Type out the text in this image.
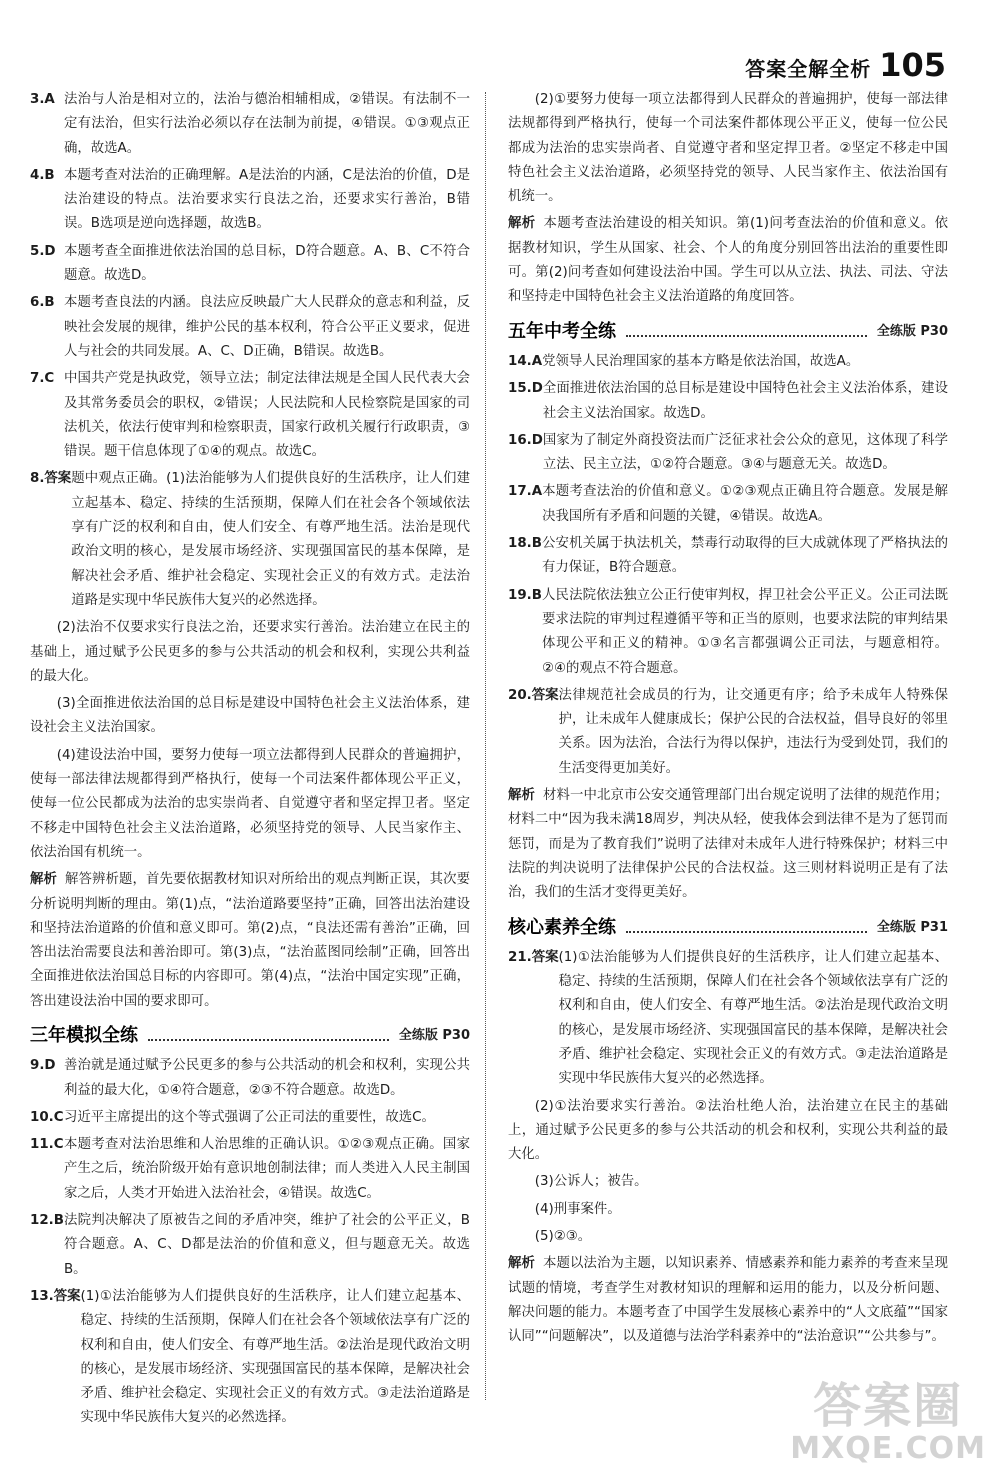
答案全解全析 105
3.A 法治与人治是相对立的，法治与德治相辅相成，②错误。有法制不一定有法治，但实行法治必须以存在法制为前提，④错误。①③观点正确，故选A。
4.B 本题考查对法治的正确理解。A是法治的内涵，C是法治的价值，D是法治建设的特点。法治要求实行良法之治，还要求实行善治，B错误。B选项是逆向选择题，故选B。
5.D 本题考查全面推进依法治国的总目标，D符合题意。A、B、C不符合题意。故选D。
6.B 本题考查良法的内涵。良法应反映最广大人民群众的意志和利益，反映社会发展的规律，维护公民的基本权利，符合公平正义要求，促进人与社会的共同发展。A、C、D正确，B错误。故选B。
7.C 中国共产党是执政党，领导立法；制定法律法规是全国人民代表大会及其常务委员会的职权，②错误；人民法院和人民检察院是国家的司法机关，依法行使审判和检察职责，国家行政机关履行行政职责，③错误。题干信息体现了①④的观点。故选C。
8.答案 题中观点正确。(1)法治能够为人们提供良好的生活秩序，让人们建立起基本、稳定、持续的生活预期，保障人们在社会各个领域依法享有广泛的权利和自由，使人们安全、有尊严地生活。法治是现代政治文明的核心，是发展市场经济、实现强国富民的基本保障，是解决社会矛盾、维护社会稳定、实现社会正义的有效方式。走法治道路是实现中华民族伟大复兴的必然选择。

(2)法治不仅要求实行良法之治，还要求实行善治。法治建立在民主的基础上，通过赋予公民更多的参与公共活动的机会和权利，实现公共利益的最大化。

(3)全面推进依法治国的总目标是建设中国特色社会主义法治体系，建设社会主义法治国家。

(4)建设法治中国，要努力使每一项立法都得到人民群众的普遍拥护，使每一部法律法规都得到严格执行，使每一个司法案件都体现公平正义，使每一位公民都成为法治的忠实崇尚者、自觉遵守者和坚定捍卫者。坚定不移走中国特色社会主义法治道路，必须坚持党的领导、人民当家作主、依法治国有机统一。

解析 解答辨析题，首先要依据教材知识对所给出的观点判断正误，其次要分析说明判断的理由。第(1)点，“法治道路要坚持”正确，回答出法治建设和坚持法治道路的价值和意义即可。第(2)点，“良法还需有善治”正确，回答出法治需要良法和善治即可。第(3)点，“法治蓝图同绘制”正确，回答出全面推进依法治国总目标的内容即可。第(4)点，“法治中国定实现”正确，答出建设法治中国的要求即可。

三年模拟全练	全练版 P30
9.D 善治就是通过赋予公民更多的参与公共活动的机会和权利，实现公共利益的最大化，①④符合题意，②③不符合题意。故选D。
10.C 习近平主席提出的这个等式强调了公正司法的重要性，故选C。
11.C 本题考查对法治思维和人治思维的正确认识。①②③观点正确。国家产生之后，统治阶级开始有意识地创制法律；而人类进入人民主制国家之后，人类才开始进入法治社会，④错误。故选C。
12.B 法院判决解决了原被告之间的矛盾冲突，维护了社会的公平正义，B符合题意。A、C、D都是法治的价值和意义，但与题意无关。故选B。
13.答案 (1)①法治能够为人们提供良好的生活秩序，让人们建立起基本、稳定、持续的生活预期，保障人们在社会各个领域依法享有广泛的权利和自由，使人们安全、有尊严地生活。②法治是现代政治文明的核心，是发展市场经济、实现强国富民的基本保障，是解决社会矛盾、维护社会稳定、实现社会正义的有效方式。③走法治道路是实现中华民族伟大复兴的必然选择。

(2)①要努力使每一项立法都得到人民群众的普遍拥护，使每一部法律法规都得到严格执行，使每一个司法案件都体现公平正义，使每一位公民都成为法治的忠实崇尚者、自觉遵守者和坚定捍卫者。②坚定不移走中国特色社会主义法治道路，必须坚持党的领导、人民当家作主、依法治国有机统一。

解析 本题考查法治建设的相关知识。第(1)问考查法治的价值和意义。依据教材知识，学生从国家、社会、个人的角度分别回答出法治的重要性即可。第(2)问考查如何建设法治中国。学生可以从立法、执法、司法、守法和坚持走中国特色社会主义法治道路的角度回答。

五年中考全练	全练版 P30
14.A 党领导人民治理国家的基本方略是依法治国，故选A。
15.D 全面推进依法治国的总目标是建设中国特色社会主义法治体系，建设社会主义法治国家。故选D。
16.D 国家为了制定外商投资法而广泛征求社会公众的意见，这体现了科学立法、民主立法，①②符合题意。③④与题意无关。故选D。
17.A 本题考查法治的价值和意义。①②③观点正确且符合题意。发展是解决我国所有矛盾和问题的关键，④错误。故选A。
18.B 公安机关属于执法机关，禁毒行动取得的巨大成就体现了严格执法的有力保证，B符合题意。
19.B 人民法院依法独立公正行使审判权，捍卫社会公平正义。公正司法既要求法院的审判过程遵循平等和正当的原则，也要求法院的审判结果体现公平和正义的精神。①③名言都强调公正司法，与题意相符。②④的观点不符合题意。
20.答案 法律规范社会成员的行为，让交通更有序；给予未成年人特殊保护，让未成年人健康成长；保护公民的合法权益，倡导良好的邻里关系。因为法治，合法行为得以保护，违法行为受到处罚，我们的生活变得更加美好。

解析 材料一中北京市公安交通管理部门出台规定说明了法律的规范作用；材料二中“因为我未满18周岁，判决从轻，使我体会到法律不是为了惩罚而惩罚，而是为了教育我们”说明了法律对未成年人进行特殊保护；材料三中法院的判决说明了法律保护公民的合法权益。这三则材料说明正是有了法治，我们的生活才变得更美好。

核心素养全练	全练版 P31
21.答案 (1)①法治能够为人们提供良好的生活秩序，让人们建立起基本、稳定、持续的生活预期，保障人们在社会各个领域依法享有广泛的权利和自由，使人们安全、有尊严地生活。②法治是现代政治文明的核心，是发展市场经济、实现强国富民的基本保障，是解决社会矛盾、维护社会稳定、实现社会正义的有效方式。③走法治道路是实现中华民族伟大复兴的必然选择。

(2)①法治要求实行善治。②法治杜绝人治，法治建立在民主的基础上，通过赋予公民更多的参与公共活动的机会和权利，实现公共利益的最大化。

(3)公诉人；被告。

(4)刑事案件。

(5)②③。

解析 本题以法治为主题，以知识素养、情感素养和能力素养的考查来呈现试题的情境，考查学生对教材知识的理解和运用的能力，以及分析问题、解决问题的能力。本题考查了中国学生发展核心素养中的“人文底蕴”“国家认同”“问题解决”，以及道德与法治学科素养中的“法治意识”“公共参与”。

答案圈
MXQE.COM
